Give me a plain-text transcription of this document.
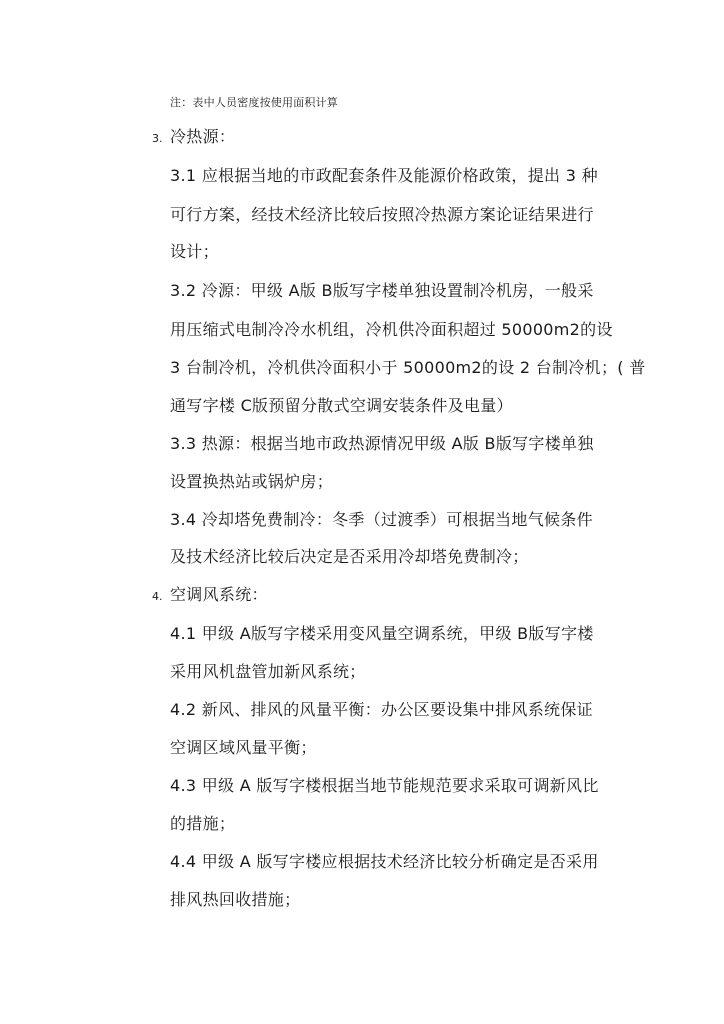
注：表中人员密度按使用面积计算
3. 冷热源：
3.1 应根据当地的市政配套条件及能源价格政策，提出 3 种
可行方案，经技术经济比较后按照冷热源方案论证结果进行
设计；
3.2 冷源：甲级 A版 B版写字楼单独设置制冷机房，一般采
用压缩式电制冷冷水机组，冷机供冷面积超过 50000m2的设
3 台制冷机，冷机供冷面积小于 50000m2的设 2 台制冷机；( 普
通写字楼 C版预留分散式空调安装条件及电量）
3.3 热源：根据当地市政热源情况甲级 A版 B版写字楼单独
设置换热站或锅炉房；
3.4 冷却塔免费制冷：冬季（过渡季）可根据当地气候条件
及技术经济比较后决定是否采用冷却塔免费制冷；
4. 空调风系统：
4.1 甲级 A版写字楼采用变风量空调系统，甲级 B版写字楼
采用风机盘管加新风系统；
4.2 新风、排风的风量平衡：办公区要设集中排风系统保证
空调区域风量平衡；
4.3 甲级 A 版写字楼根据当地节能规范要求采取可调新风比
的措施；
4.4 甲级 A 版写字楼应根据技术经济比较分析确定是否采用
排风热回收措施；
